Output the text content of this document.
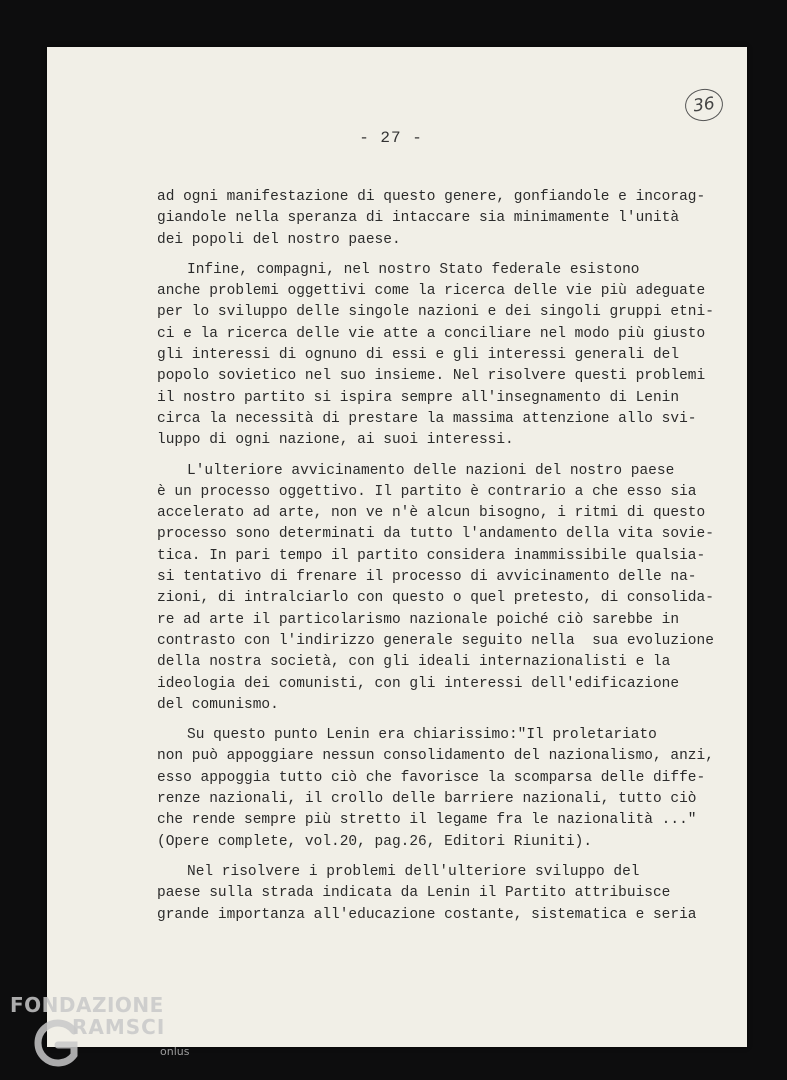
- 27 -
36
ad ogni manifestazione di questo genere, gonfiandole e incorag-
giandole nella speranza di intaccare sia minimamente l'unità
dei popoli del nostro paese.
Infine, compagni, nel nostro Stato federale esistono
anche problemi oggettivi come la ricerca delle vie più adeguate
per lo sviluppo delle singole nazioni e dei singoli gruppi etni-
ci e la ricerca delle vie atte a conciliare nel modo più giusto
gli interessi di ognuno di essi e gli interessi generali del
popolo sovietico nel suo insieme. Nel risolvere questi problemi
il nostro partito si ispira sempre all'insegnamento di Lenin
circa la necessità di prestare la massima attenzione allo svi-
luppo di ogni nazione, ai suoi interessi.
L'ulteriore avvicinamento delle nazioni del nostro paese
è un processo oggettivo. Il partito è contrario a che esso sia
accelerato ad arte, non ve n'è alcun bisogno, i ritmi di questo
processo sono determinati da tutto l'andamento della vita sovie-
tica. In pari tempo il partito considera inammissibile qualsia-
si tentativo di frenare il processo di avvicinamento delle na-
zioni, di intralciarlo con questo o quel pretesto, di consolida-
re ad arte il particolarismo nazionale poiché ciò sarebbe in
contrasto con l'indirizzo generale seguito nella  sua evoluzione
della nostra società, con gli ideali internazionalisti e la
ideologia dei comunisti, con gli interessi dell'edificazione
del comunismo.
Su questo punto Lenin era chiarissimo:"Il proletariato
non può appoggiare nessun consolidamento del nazionalismo, anzi,
esso appoggia tutto ciò che favorisce la scomparsa delle diffe-
renze nazionali, il crollo delle barriere nazionali, tutto ciò
che rende sempre più stretto il legame fra le nazionalità ..."
(Opere complete, vol.20, pag.26, Editori Riuniti).
Nel risolvere i problemi dell'ulteriore sviluppo del
paese sulla strada indicata da Lenin il Partito attribuisce
grande importanza all'educazione costante, sistematica e seria
FONDAZIONE
RAMSCI
onlus
